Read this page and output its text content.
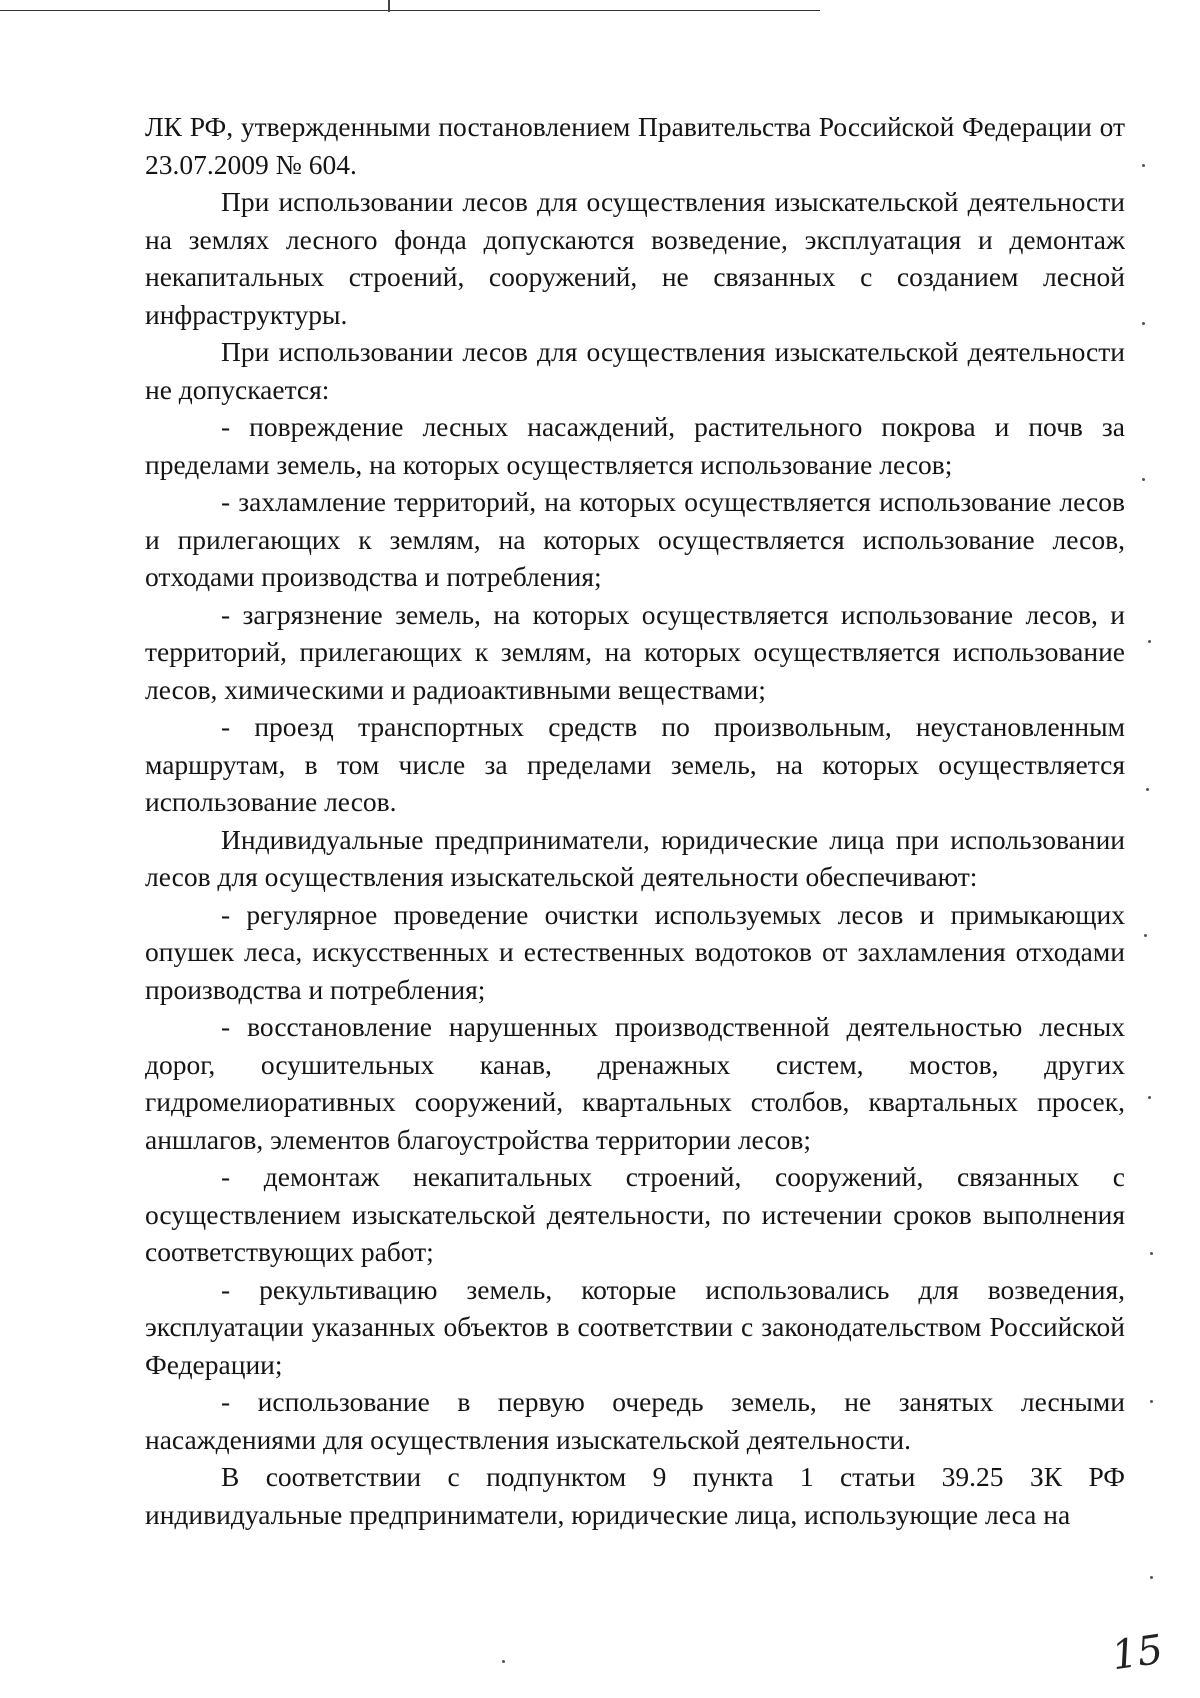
ЛК РФ, утвержденными постановлением Правительства Российской Федерации от 23.07.2009 № 604.

При использовании лесов для осуществления изыскательской деятельности на землях лесного фонда допускаются возведение, эксплуатация и демонтаж некапитальных строений, сооружений, не связанных с созданием лесной инфраструктуры.

При использовании лесов для осуществления изыскательской деятельности не допускается:

- повреждение лесных насаждений, растительного покрова и почв за пределами земель, на которых осуществляется использование лесов;

- захламление территорий, на которых осуществляется использование лесов и прилегающих к землям, на которых осуществляется использование лесов, отходами производства и потребления;

- загрязнение земель, на которых осуществляется использование лесов, и территорий, прилегающих к землям, на которых осуществляется использование лесов, химическими и радиоактивными веществами;

- проезд транспортных средств по произвольным, неустановленным маршрутам, в том числе за пределами земель, на которых осуществляется использование лесов.

Индивидуальные предприниматели, юридические лица при использовании лесов для осуществления изыскательской деятельности обеспечивают:

- регулярное проведение очистки используемых лесов и примыкающих опушек леса, искусственных и естественных водотоков от захламления отходами производства и потребления;

- восстановление нарушенных производственной деятельностью лесных дорог, осушительных канав, дренажных систем, мостов, других гидромелиоративных сооружений, квартальных столбов, квартальных просек, аншлагов, элементов благоустройства территории лесов;

- демонтаж некапитальных строений, сооружений, связанных с осуществлением изыскательской деятельности, по истечении сроков выполнения соответствующих работ;

- рекультивацию земель, которые использовались для возведения, эксплуатации указанных объектов в соответствии с законодательством Российской Федерации;

- использование в первую очередь земель, не занятых лесными насаждениями для осуществления изыскательской деятельности.

В соответствии с подпунктом 9 пункта 1 статьи 39.25 ЗК РФ индивидуальные предприниматели, юридические лица, использующие леса на

15
